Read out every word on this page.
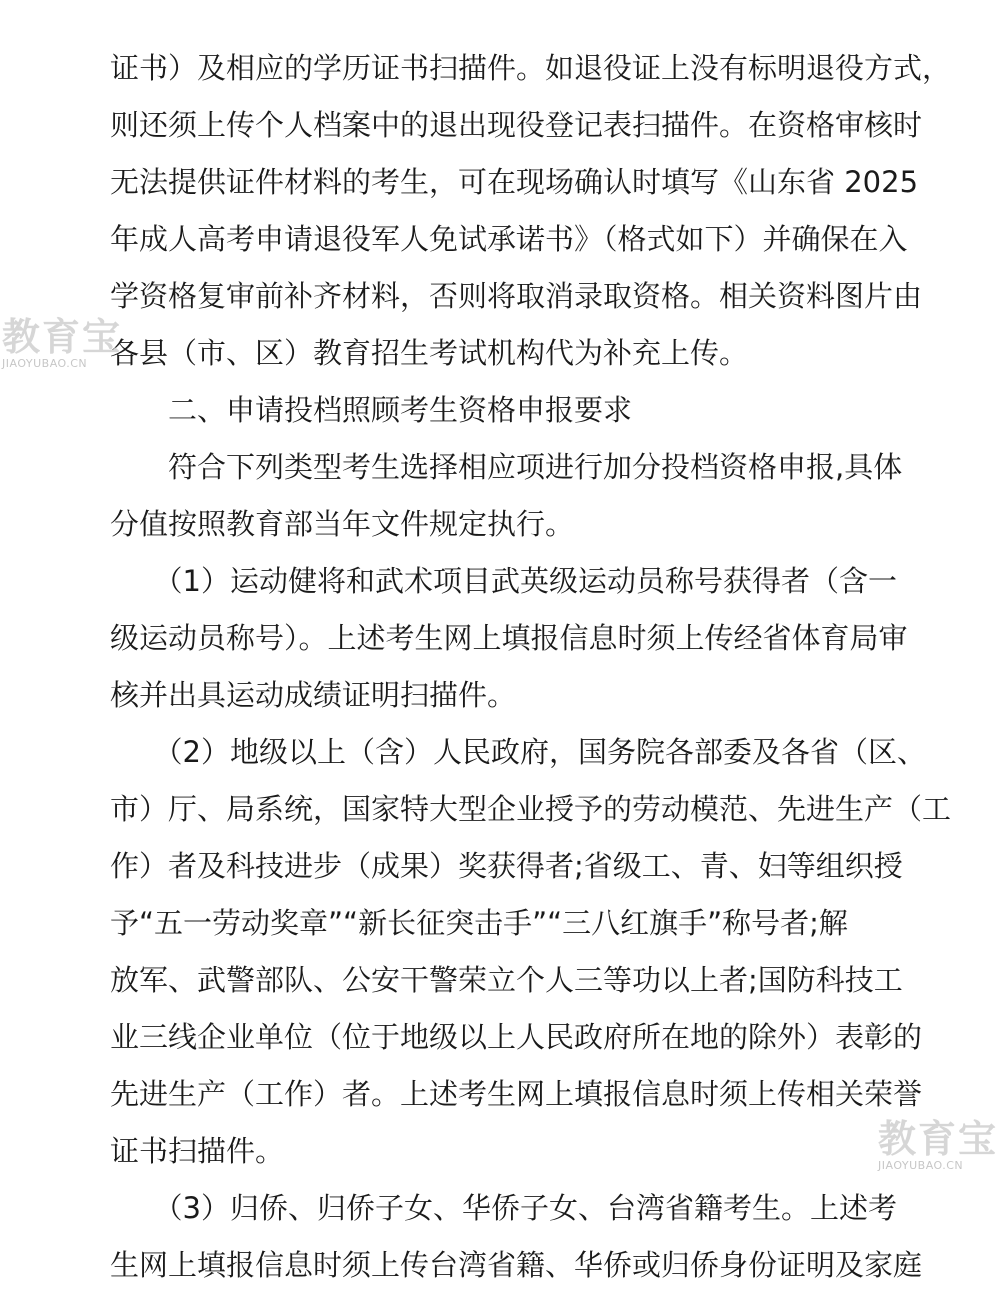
证书）及相应的学历证书扫描件。如退役证上没有标明退役方式，
则还须上传个人档案中的退出现役登记表扫描件。在资格审核时
无法提供证件材料的考生，可在现场确认时填写《山东省 2025
年成人高考申请退役军人免试承诺书》（格式如下）并确保在入
学资格复审前补齐材料，否则将取消录取资格。相关资料图片由
各县（市、区）教育招生考试机构代为补充上传。
　　二、申请投档照顾考生资格申报要求
　　符合下列类型考生选择相应项进行加分投档资格申报,具体
分值按照教育部当年文件规定执行。
　　（1）运动健将和武术项目武英级运动员称号获得者（含一
级运动员称号）。上述考生网上填报信息时须上传经省体育局审
核并出具运动成绩证明扫描件。
　　（2）地级以上（含）人民政府，国务院各部委及各省（区、
市）厅、局系统，国家特大型企业授予的劳动模范、先进生产（工
作）者及科技进步（成果）奖获得者;省级工、青、妇等组织授
予“五一劳动奖章”“新长征突击手”“三八红旗手”称号者;解
放军、武警部队、公安干警荣立个人三等功以上者;国防科技工
业三线企业单位（位于地级以上人民政府所在地的除外）表彰的
先进生产（工作）者。上述考生网上填报信息时须上传相关荣誉
证书扫描件。
　　（3）归侨、归侨子女、华侨子女、台湾省籍考生。上述考
生网上填报信息时须上传台湾省籍、华侨或归侨身份证明及家庭
教育宝
JIAOYUBAO.CN
教育宝
JIAOYUBAO.CN
